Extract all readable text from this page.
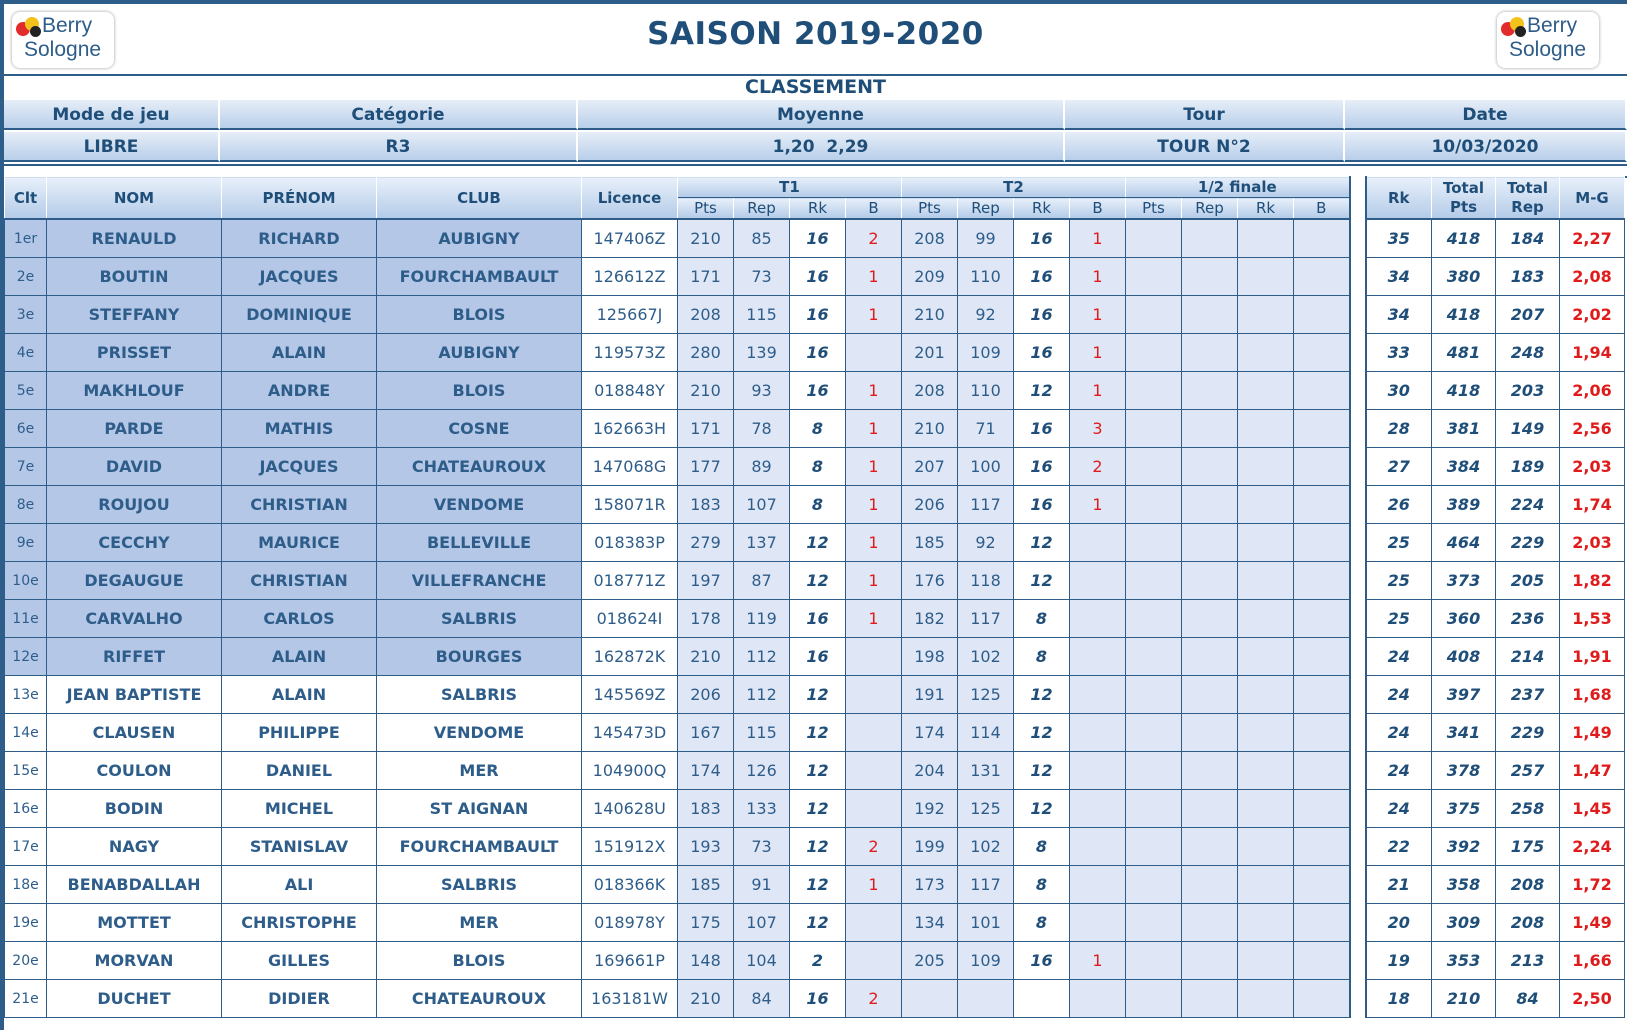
Berry
Sologne	SAISON 2019-2020	Berry
Sologne
CLASSEMENT
Mode de jeu	Catégorie	Moyenne	Tour	Date
LIBRE	R3	1,20  2,29	TOUR N°2	10/03/2020
Clt	NOM	PRÉNOM	CLUB	Licence	T1				T2				1/2 finale					Rk	Total Pts	Total Rep	M-G
					Pts	Rep	Rk	B	Pts	Rep	Rk	B	Pts	Rep	Rk	B					
1er	RENAULD	RICHARD	AUBIGNY	147406Z	210	85	16	2	208	99	16	1						35	418	184	2,27
2e	BOUTIN	JACQUES	FOURCHAMBAULT	126612Z	171	73	16	1	209	110	16	1						34	380	183	2,08
3e	STEFFANY	DOMINIQUE	BLOIS	125667J	208	115	16	1	210	92	16	1						34	418	207	2,02
4e	PRISSET	ALAIN	AUBIGNY	119573Z	280	139	16		201	109	16	1						33	481	248	1,94
5e	MAKHLOUF	ANDRE	BLOIS	018848Y	210	93	16	1	208	110	12	1						30	418	203	2,06
6e	PARDE	MATHIS	COSNE	162663H	171	78	8	1	210	71	16	3						28	381	149	2,56
7e	DAVID	JACQUES	CHATEAUROUX	147068G	177	89	8	1	207	100	16	2						27	384	189	2,03
8e	ROUJOU	CHRISTIAN	VENDOME	158071R	183	107	8	1	206	117	16	1						26	389	224	1,74
9e	CECCHY	MAURICE	BELLEVILLE	018383P	279	137	12	1	185	92	12							25	464	229	2,03
10e	DEGAUGUE	CHRISTIAN	VILLEFRANCHE	018771Z	197	87	12	1	176	118	12							25	373	205	1,82
11e	CARVALHO	CARLOS	SALBRIS	018624I	178	119	16	1	182	117	8							25	360	236	1,53
12e	RIFFET	ALAIN	BOURGES	162872K	210	112	16		198	102	8							24	408	214	1,91
13e	JEAN BAPTISTE	ALAIN	SALBRIS	145569Z	206	112	12		191	125	12							24	397	237	1,68
14e	CLAUSEN	PHILIPPE	VENDOME	145473D	167	115	12		174	114	12							24	341	229	1,49
15e	COULON	DANIEL	MER	104900Q	174	126	12		204	131	12							24	378	257	1,47
16e	BODIN	MICHEL	ST AIGNAN	140628U	183	133	12		192	125	12							24	375	258	1,45
17e	NAGY	STANISLAV	FOURCHAMBAULT	151912X	193	73	12	2	199	102	8							22	392	175	2,24
18e	BENABDALLAH	ALI	SALBRIS	018366K	185	91	12	1	173	117	8							21	358	208	1,72
19e	MOTTET	CHRISTOPHE	MER	018978Y	175	107	12		134	101	8							20	309	208	1,49
20e	MORVAN	GILLES	BLOIS	169661P	148	104	2		205	109	16	1						19	353	213	1,66
21e	DUCHET	DIDIER	CHATEAUROUX	163181W	210	84	16	2										18	210	84	2,50
